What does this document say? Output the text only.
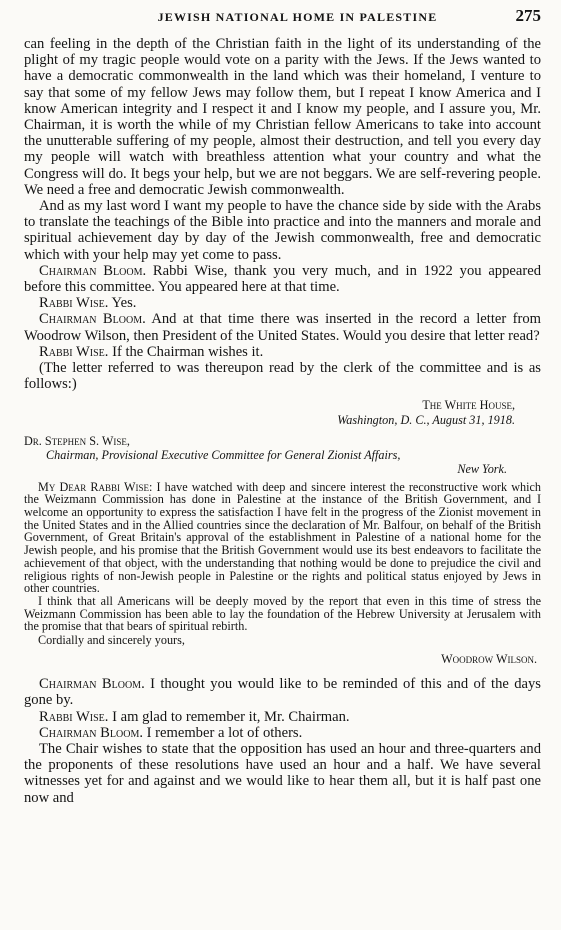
JEWISH NATIONAL HOME IN PALESTINE	275

can feeling in the depth of the Christian faith in the light of its understanding of the plight of my tragic people would vote on a parity with the Jews. If the Jews wanted to have a democratic commonwealth in the land which was their homeland, I venture to say that some of my fellow Jews may follow them, but I repeat I know America and I know American integrity and I respect it and I know my people, and I assure you, Mr. Chairman, it is worth the while of my Christian fellow Americans to take into account the unutterable suffering of my people, almost their destruction, and tell you every day my people will watch with breathless attention what your country and what the Congress will do. It begs your help, but we are not beggars. We are self-revering people. We need a free and democratic Jewish commonwealth.

And as my last word I want my people to have the chance side by side with the Arabs to translate the teachings of the Bible into practice and into the manners and morale and spiritual achievement day by day of the Jewish commonwealth, free and democratic which with your help may yet come to pass.

Chairman Bloom. Rabbi Wise, thank you very much, and in 1922 you appeared before this committee. You appeared here at that time.

Rabbi Wise. Yes.

Chairman Bloom. And at that time there was inserted in the record a letter from Woodrow Wilson, then President of the United States. Would you desire that letter read?

Rabbi Wise. If the Chairman wishes it.

(The letter referred to was thereupon read by the clerk of the committee and is as follows:)

The White House,
Washington, D. C., August 31, 1918.
Dr. Stephen S. Wise,
Chairman, Provisional Executive Committee for General Zionist Affairs,
New York.

My Dear Rabbi Wise: I have watched with deep and sincere interest the reconstructive work which the Weizmann Commission has done in Palestine at the instance of the British Government, and I welcome an opportunity to express the satisfaction I have felt in the progress of the Zionist movement in the United States and in the Allied countries since the declaration of Mr. Balfour, on behalf of the British Government, of Great Britain's approval of the establishment in Palestine of a national home for the Jewish people, and his promise that the British Government would use its best endeavors to facilitate the achievement of that object, with the understanding that nothing would be done to prejudice the civil and religious rights of non-Jewish people in Palestine or the rights and political status enjoyed by Jews in other countries.

I think that all Americans will be deeply moved by the report that even in this time of stress the Weizmann Commission has been able to lay the foundation of the Hebrew University at Jerusalem with the promise that that bears of spiritual rebirth.

Cordially and sincerely yours,
Woodrow Wilson.

Chairman Bloom. I thought you would like to be reminded of this and of the days gone by.

Rabbi Wise. I am glad to remember it, Mr. Chairman.

Chairman Bloom. I remember a lot of others.

The Chair wishes to state that the opposition has used an hour and three-quarters and the proponents of these resolutions have used an hour and a half. We have several witnesses yet for and against and we would like to hear them all, but it is half past one now and
